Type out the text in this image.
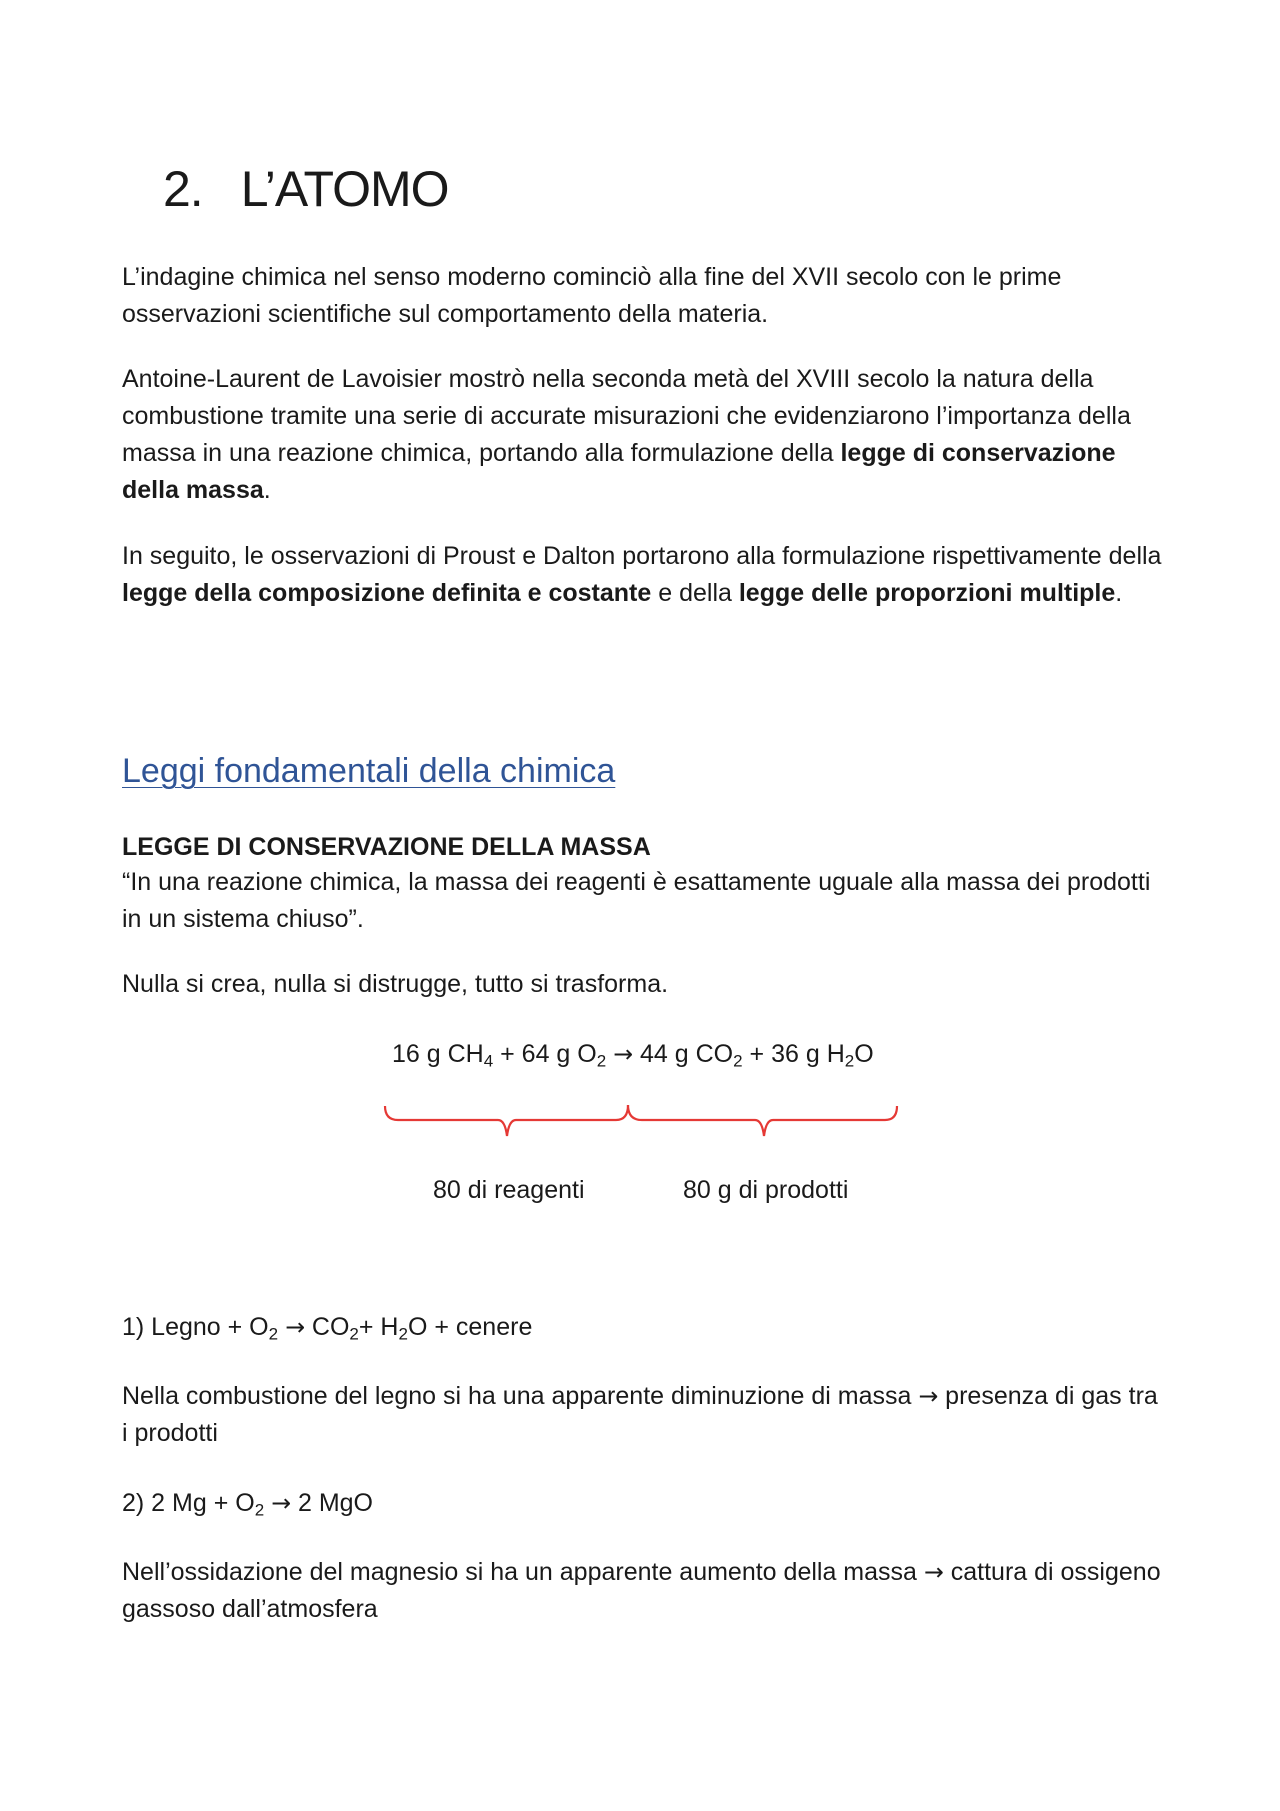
2. L’ATOMO

L’indagine chimica nel senso moderno cominciò alla fine del XVII secolo con le prime osservazioni scientifiche sul comportamento della materia.

Antoine-Laurent de Lavoisier mostrò nella seconda metà del XVIII secolo la natura della combustione tramite una serie di accurate misurazioni che evidenziarono l’importanza della massa in una reazione chimica, portando alla formulazione della legge di conservazione della massa.

In seguito, le osservazioni di Proust e Dalton portarono alla formulazione rispettivamente della legge della composizione definita e costante e della legge delle proporzioni multiple.

Leggi fondamentali della chimica

LEGGE DI CONSERVAZIONE DELLA MASSA

“In una reazione chimica, la massa dei reagenti è esattamente uguale alla massa dei prodotti in un sistema chiuso”.

Nulla si crea, nulla si distrugge, tutto si trasforma.

16 g $CH_4 + 64$ g $O_2 \to 44$ g $CO_2 + 36$ g $H_2O$
80 di reagenti	80 g di prodotti
1) Legno + $O_2 \to CO_2+ H_2O$ + cenere

Nella combustione del legno si ha una apparente diminuzione di massa → presenza di gas tra i prodotti

2) 2 $Mg + O_2 \to 2$ MgO

Nell’ossidazione del magnesio si ha un apparente aumento della massa → cattura di ossigeno gassoso dall’atmosfera
